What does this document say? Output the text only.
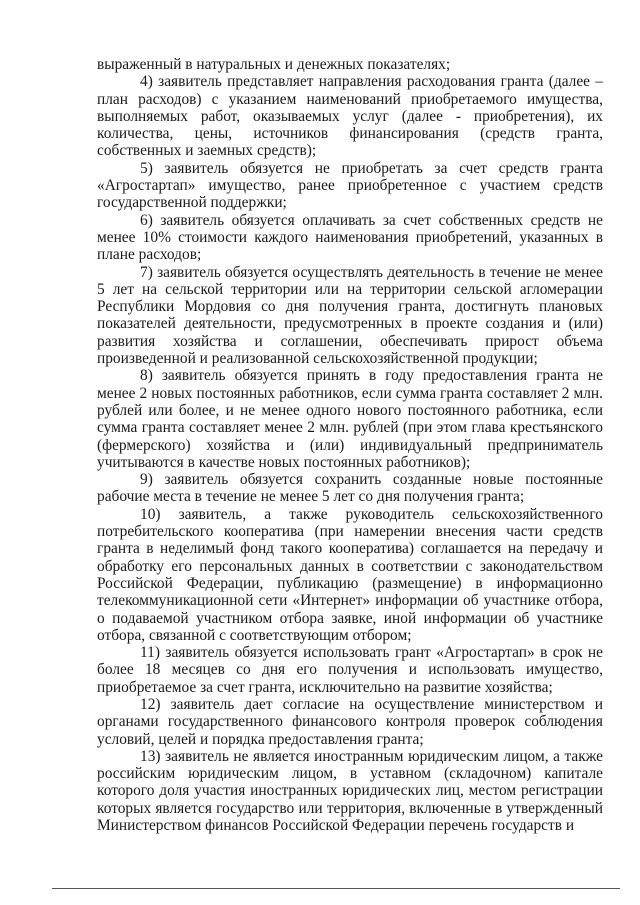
выраженный в натуральных и денежных показателях;

4) заявитель представляет направления расходования гранта (далее – план расходов) с указанием наименований приобретаемого имущества, выполняемых работ, оказываемых услуг (далее - приобретения), их количества, цены, источников финансирования (средств гранта, собственных и заемных средств);

5) заявитель обязуется не приобретать за счет средств гранта «Агростартап» имущество, ранее приобретенное с участием средств государственной поддержки;

6) заявитель обязуется оплачивать за счет собственных средств не менее 10% стоимости каждого наименования приобретений, указанных в плане расходов;

7) заявитель обязуется осуществлять деятельность в течение не менее 5 лет на сельской территории или на территории сельской агломерации Республики Мордовия со дня получения гранта, достигнуть плановых показателей деятельности, предусмотренных в проекте создания и (или) развития хозяйства и соглашении, обеспечивать прирост объема произведенной и реализованной сельскохозяйственной продукции;

8) заявитель обязуется принять в году предоставления гранта не менее 2 новых постоянных работников, если сумма гранта составляет 2 млн. рублей или более, и не менее одного нового постоянного работника, если сумма гранта составляет менее 2 млн. рублей (при этом глава крестьянского (фермерского) хозяйства и (или) индивидуальный предприниматель учитываются в качестве новых постоянных работников);

9) заявитель обязуется сохранить созданные новые постоянные рабочие места в течение не менее 5 лет со дня получения гранта;

10) заявитель, а также руководитель сельскохозяйственного потребительского кооператива (при намерении внесения части средств гранта в неделимый фонд такого кооператива) соглашается на передачу и обработку его персональных данных в соответствии с законодательством Российской Федерации, публикацию (размещение) в информационно телекоммуникационной сети «Интернет» информации об участнике отбора, о подаваемой участником отбора заявке, иной информации об участнике отбора, связанной с соответствующим отбором;

11) заявитель обязуется использовать грант «Агростартап» в срок не более 18 месяцев со дня его получения и использовать имущество, приобретаемое за счет гранта, исключительно на развитие хозяйства;

12) заявитель дает согласие на осуществление министерством и органами государственного финансового контроля проверок соблюдения условий, целей и порядка предоставления гранта;

13) заявитель не является иностранным юридическим лицом, а также российским юридическим лицом, в уставном (складочном) капитале которого доля участия иностранных юридических лиц, местом регистрации которых является государство или территория, включенные в утвержденный Министерством финансов Российской Федерации перечень государств и
